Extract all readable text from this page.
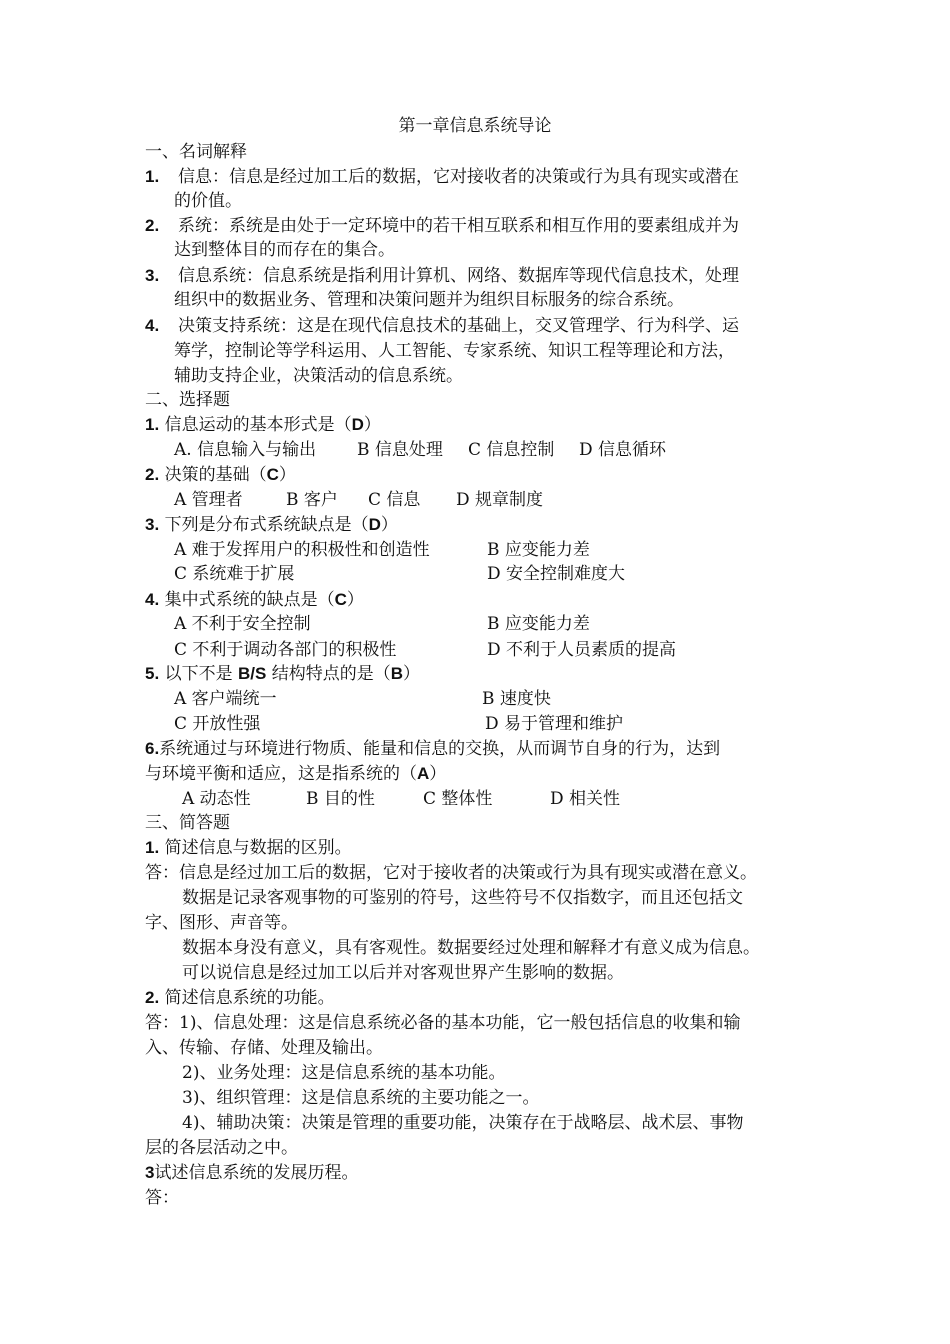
第一章信息系统导论
一、名词解释
1. 信息：信息是经过加工后的数据，它对接收者的决策或行为具有现实或潜在
的价值。
2. 系统：系统是由处于一定环境中的若干相互联系和相互作用的要素组成并为
达到整体目的而存在的集合。
3. 信息系统：信息系统是指利用计算机、网络、数据库等现代信息技术，处理
组织中的数据业务、管理和决策问题并为组织目标服务的综合系统。
4. 决策支持系统：这是在现代信息技术的基础上，交叉管理学、行为科学、运
筹学，控制论等学科运用、人工智能、专家系统、知识工程等理论和方法，
辅助支持企业，决策活动的信息系统。
二、选择题
1. 信息运动的基本形式是（D）
A. 信息输入与输出 B 信息处理 C 信息控制 D 信息循环
2. 决策的基础（C）
A 管理者	B 客户 C 信息 D 规章制度
3. 下列是分布式系统缺点是（D）
A 难于发挥用户的积极性和创造性	B 应变能力差
C 系统难于扩展	D 安全控制难度大
4. 集中式系统的缺点是（C）
A 不利于安全控制	B 应变能力差
C 不利于调动各部门的积极性	D 不利于人员素质的提高
5. 以下不是 B/S 结构特点的是（B）
A 客户端统一	B 速度快
C 开放性强	D 易于管理和维护
6.系统通过与环境进行物质、能量和信息的交换，从而调节自身的行为，达到
与环境平衡和适应，这是指系统的（A）
A 动态性	B 目的性	C 整体性	D 相关性
三、简答题
1. 简述信息与数据的区别。
答：信息是经过加工后的数据，它对于接收者的决策或行为具有现实或潜在意义。
数据是记录客观事物的可鉴别的符号，这些符号不仅指数字，而且还包括文
字、图形、声音等。
数据本身没有意义，具有客观性。数据要经过处理和解释才有意义成为信息。
可以说信息是经过加工以后并对客观世界产生影响的数据。
2. 简述信息系统的功能。
答：1)、信息处理：这是信息系统必备的基本功能，它一般包括信息的收集和输
入、传输、存储、处理及输出。
2)、业务处理：这是信息系统的基本功能。
3)、组织管理：这是信息系统的主要功能之一。
4)、辅助决策：决策是管理的重要功能，决策存在于战略层、战术层、事物
层的各层活动之中。
3试述信息系统的发展历程。
答：
